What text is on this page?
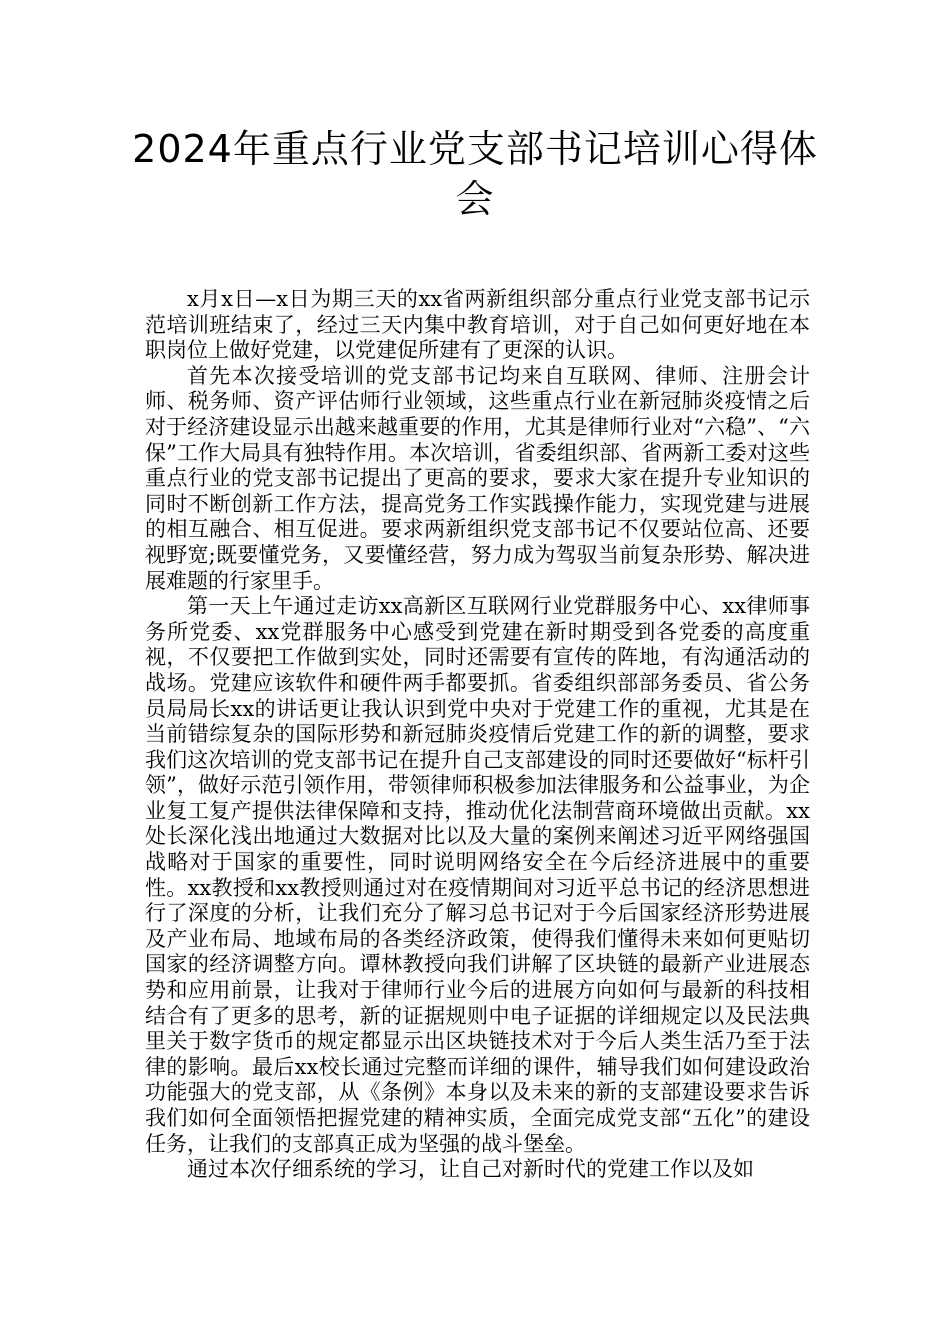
2024年重点行业党支部书记培训心得体会

x月x日—x日为期三天的xx省两新组织部分重点行业党支部书记示范培训班结束了，经过三天内集中教育培训，对于自己如何更好地在本职岗位上做好党建，以党建促所建有了更深的认识。

首先本次接受培训的党支部书记均来自互联网、律师、注册会计师、税务师、资产评估师行业领域，这些重点行业在新冠肺炎疫情之后对于经济建设显示出越来越重要的作用，尤其是律师行业对“六稳”、“六保”工作大局具有独特作用。本次培训，省委组织部、省两新工委对这些重点行业的党支部书记提出了更高的要求，要求大家在提升专业知识的同时不断创新工作方法，提高党务工作实践操作能力，实现党建与进展的相互融合、相互促进。要求两新组织党支部书记不仅要站位高、还要视野宽;既要懂党务，又要懂经营，努力成为驾驭当前复杂形势、解决进展难题的行家里手。

第一天上午通过走访xx高新区互联网行业党群服务中心、xx律师事务所党委、xx党群服务中心感受到党建在新时期受到各党委的高度重视，不仅要把工作做到实处，同时还需要有宣传的阵地，有沟通活动的战场。党建应该软件和硬件两手都要抓。省委组织部部务委员、省公务员局局长xx的讲话更让我认识到党中央对于党建工作的重视，尤其是在当前错综复杂的国际形势和新冠肺炎疫情后党建工作的新的调整，要求我们这次培训的党支部书记在提升自己支部建设的同时还要做好“标杆引领”，做好示范引领作用，带领律师积极参加法律服务和公益事业，为企业复工复产提供法律保障和支持，推动优化法制营商环境做出贡献。xx处长深化浅出地通过大数据对比以及大量的案例来阐述习近平网络强国战略对于国家的重要性，同时说明网络安全在今后经济进展中的重要性。xx教授和xx教授则通过对在疫情期间对习近平总书记的经济思想进行了深度的分析，让我们充分了解习总书记对于今后国家经济形势进展及产业布局、地域布局的各类经济政策，使得我们懂得未来如何更贴切国家的经济调整方向。谭林教授向我们讲解了区块链的最新产业进展态势和应用前景，让我对于律师行业今后的进展方向如何与最新的科技相结合有了更多的思考，新的证据规则中电子证据的详细规定以及民法典里关于数字货币的规定都显示出区块链技术对于今后人类生活乃至于法律的影响。最后xx校长通过完整而详细的课件，辅导我们如何建设政治功能强大的党支部，从《条例》本身以及未来的新的支部建设要求告诉我们如何全面领悟把握党建的精神实质，全面完成党支部“五化”的建设任务，让我们的支部真正成为坚强的战斗堡垒。

通过本次仔细系统的学习，让自己对新时代的党建工作以及如
